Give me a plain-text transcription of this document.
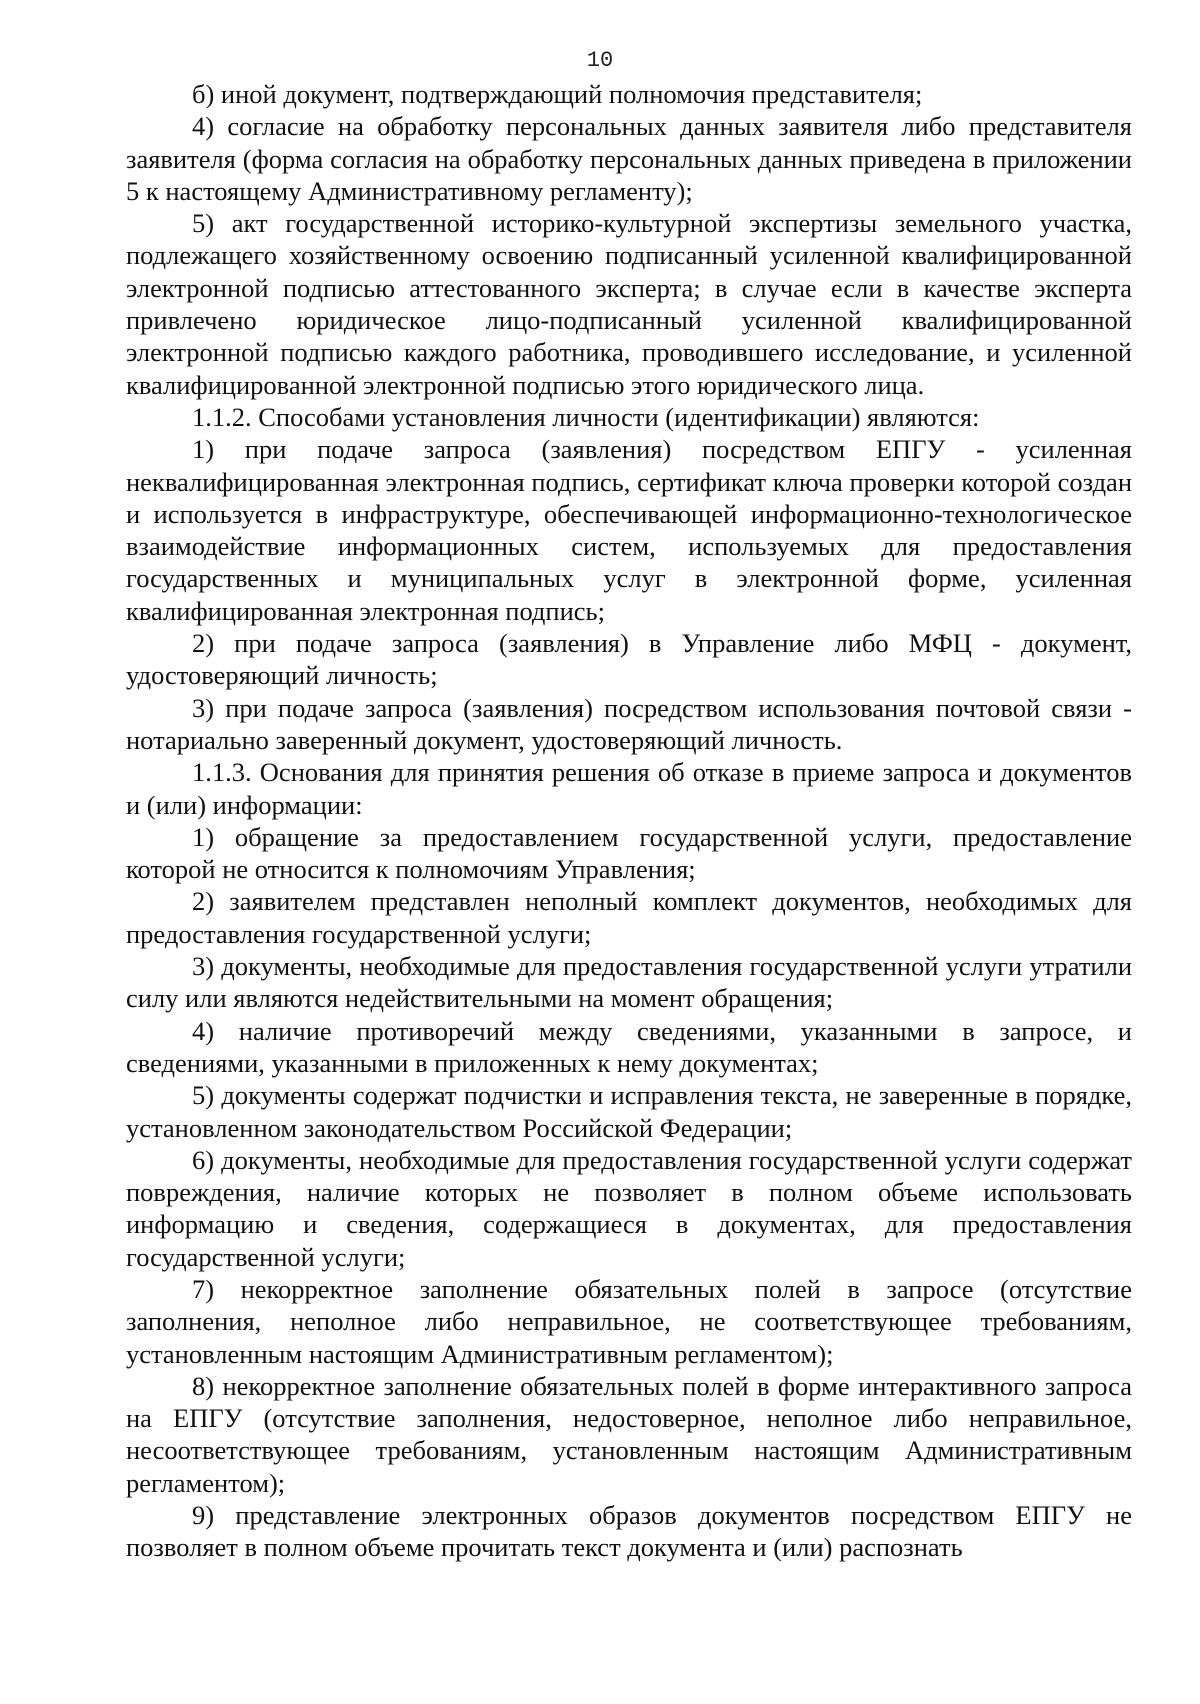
10

б) иной документ, подтверждающий полномочия представителя;

4) согласие на обработку персональных данных заявителя либо представителя заявителя (форма согласия на обработку персональных данных приведена в приложении 5 к настоящему Административному регламенту);

5) акт государственной историко-культурной экспертизы земельного участка, подлежащего хозяйственному освоению подписанный усиленной квалифицированной электронной подписью аттестованного эксперта; в случае если в качестве эксперта привлечено юридическое лицо-подписанный усиленной квалифицированной электронной подписью каждого работника, проводившего исследование, и усиленной квалифицированной электронной подписью этого юридического лица.

1.1.2. Способами установления личности (идентификации) являются:

1) при подаче запроса (заявления) посредством ЕПГУ - усиленная неквалифицированная электронная подпись, сертификат ключа проверки которой создан и используется в инфраструктуре, обеспечивающей информационно-технологическое взаимодействие информационных систем, используемых для предоставления государственных и муниципальных услуг в электронной форме, усиленная квалифицированная электронная подпись;

2) при подаче запроса (заявления) в Управление либо МФЦ - документ, удостоверяющий личность;

3) при подаче запроса (заявления) посредством использования почтовой связи - нотариально заверенный документ, удостоверяющий личность.

1.1.3. Основания для принятия решения об отказе в приеме запроса и документов и (или) информации:

1) обращение за предоставлением государственной услуги, предоставление которой не относится к полномочиям Управления;

2) заявителем представлен неполный комплект документов, необходимых для предоставления государственной услуги;

3) документы, необходимые для предоставления государственной услуги утратили силу или являются недействительными на момент обращения;

4) наличие противоречий между сведениями, указанными в запросе, и сведениями, указанными в приложенных к нему документах;

5) документы содержат подчистки и исправления текста, не заверенные в порядке, установленном законодательством Российской Федерации;

6) документы, необходимые для предоставления государственной услуги содержат повреждения, наличие которых не позволяет в полном объеме использовать информацию и сведения, содержащиеся в документах, для предоставления государственной услуги;

7) некорректное заполнение обязательных полей в запросе (отсутствие заполнения, неполное либо неправильное, не соответствующее требованиям, установленным настоящим Административным регламентом);

8) некорректное заполнение обязательных полей в форме интерактивного запроса на ЕПГУ (отсутствие заполнения, недостоверное, неполное либо неправильное, несоответствующее требованиям, установленным настоящим Административным регламентом);

9) представление электронных образов документов посредством ЕПГУ не позволяет в полном объеме прочитать текст документа и (или) распознать
